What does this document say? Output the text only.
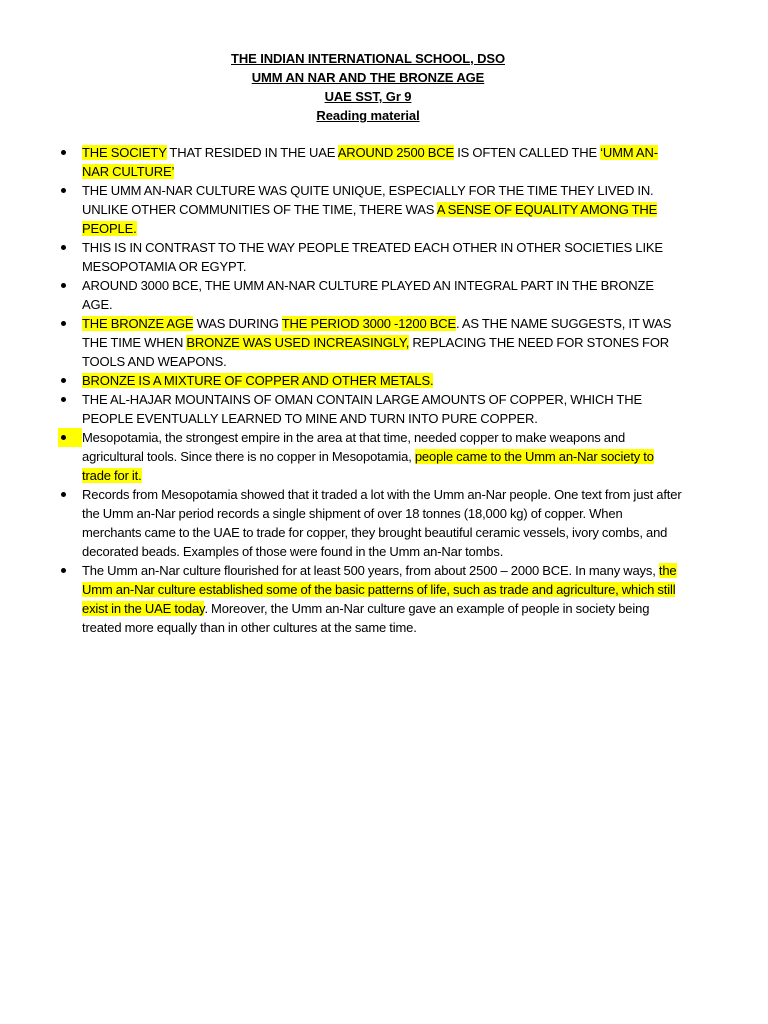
THE INDIAN INTERNATIONAL SCHOOL, DSO
UMM AN NAR AND THE BRONZE AGE
UAE SST, Gr 9
Reading material
THE SOCIETY THAT RESIDED IN THE UAE AROUND 2500 BCE IS OFTEN CALLED THE ‘UMM AN-NAR CULTURE’
THE UMM AN-NAR CULTURE WAS QUITE UNIQUE, ESPECIALLY FOR THE TIME THEY LIVED IN. UNLIKE OTHER COMMUNITIES OF THE TIME, THERE WAS A SENSE OF EQUALITY AMONG THE PEOPLE.
THIS IS IN CONTRAST TO THE WAY PEOPLE TREATED EACH OTHER IN OTHER SOCIETIES LIKE MESOPOTAMIA OR EGYPT.
AROUND 3000 BCE, THE UMM AN-NAR CULTURE PLAYED AN INTEGRAL PART IN THE BRONZE AGE.
THE BRONZE AGE WAS DURING THE PERIOD 3000 -1200 BCE. AS THE NAME SUGGESTS, IT WAS THE TIME WHEN BRONZE WAS USED INCREASINGLY, REPLACING THE NEED FOR STONES FOR TOOLS AND WEAPONS.
BRONZE IS A MIXTURE OF COPPER AND OTHER METALS.
THE AL-HAJAR MOUNTAINS OF OMAN CONTAIN LARGE AMOUNTS OF COPPER, WHICH THE PEOPLE EVENTUALLY LEARNED TO MINE AND TURN INTO PURE COPPER.
Mesopotamia, the strongest empire in the area at that time, needed copper to make weapons and agricultural tools. Since there is no copper in Mesopotamia, people came to the Umm an-Nar society to trade for it.
Records from Mesopotamia showed that it traded a lot with the Umm an-Nar people. One text from just after the Umm an-Nar period records a single shipment of over 18 tonnes (18,000 kg) of copper. When merchants came to the UAE to trade for copper, they brought beautiful ceramic vessels, ivory combs, and decorated beads. Examples of those were found in the Umm an-Nar tombs.
The Umm an-Nar culture flourished for at least 500 years, from about 2500 – 2000 BCE. In many ways, the Umm an-Nar culture established some of the basic patterns of life, such as trade and agriculture, which still exist in the UAE today. Moreover, the Umm an-Nar culture gave an example of people in society being treated more equally than in other cultures at the same time.
